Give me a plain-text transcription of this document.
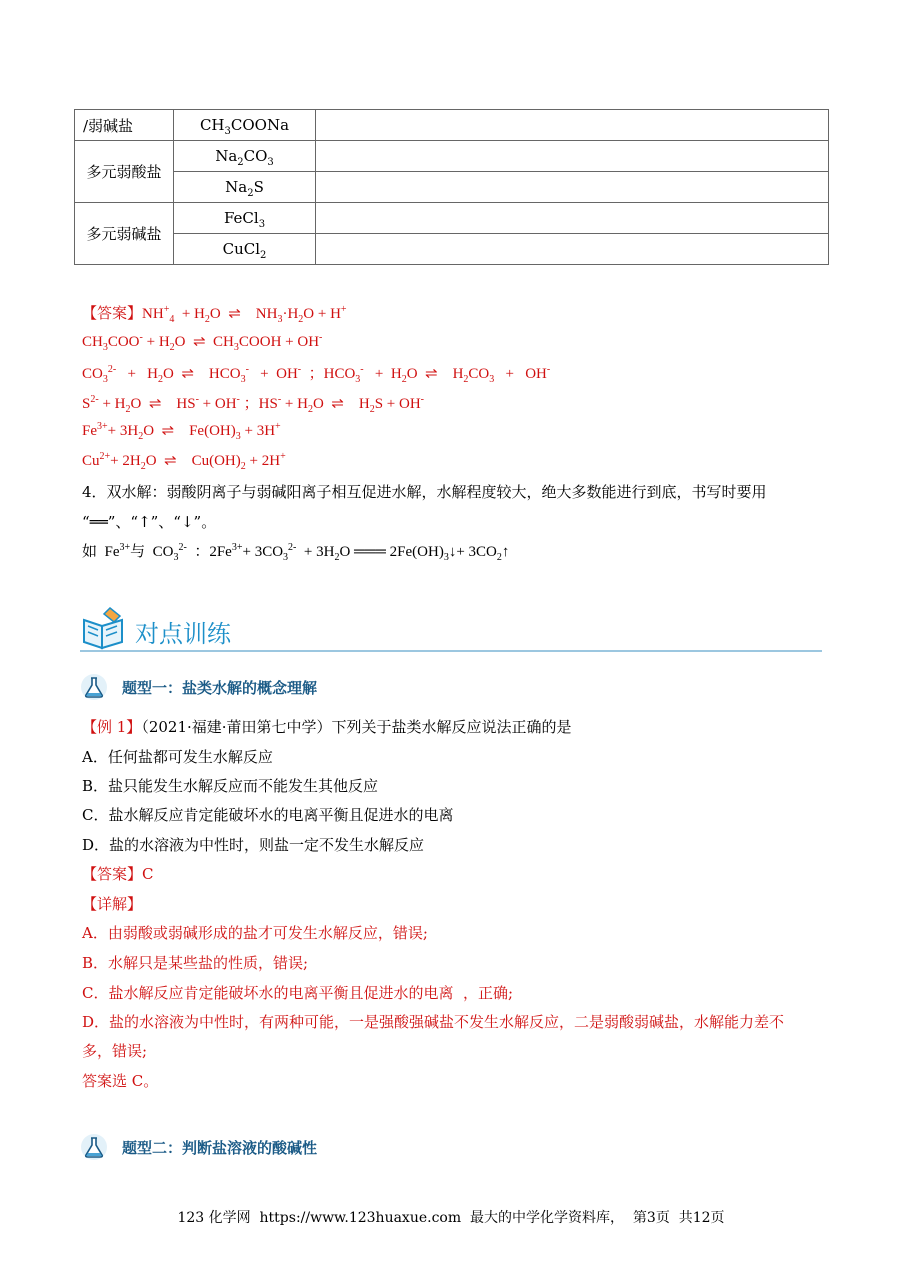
/弱碱盐	$CH_3COONa$	
多元弱酸盐	$Na_2CO_3$	
	$Na_2S$	
多元弱碱盐	FeCl$_3$	
	CuCl$_2$	
【答案】$NH^+_4 + H_2O$  ⇌    $NH_3\cdot H_2O + H^+$
$CH_3COO^- + H_2O$  ⇌  $CH_3COOH + OH^-$
$CO_3^{2-} + H_2O$  ⇌    $HCO_3^- + OH^-$  ；$HCO_3^- + H_2O$  ⇌    $H_2CO_3 + OH^-$
$S^{2-} + H_2O$  ⇌    HS- + OH- ；$HS^- + H_2O$  ⇌    $H_2S + OH^-$
$Fe^{3+}+ 3H_2O$  ⇌    $Fe(OH)_3 + 3H^+$
$Cu^{2+}+ 2H_2O$  ⇌    $Cu(OH)_2 + 2H^+$
4．双水解：弱酸阴离子与弱碱阳离子相互促进水解，水解程度较大，绝大多数能进行到底，书写时要用
“══”、“↑”、“↓”。
如  $Fe^{3+}$与  $CO_3^{2-}$  ：$2Fe^{3+}+ 3CO_3^{2-} + 3H_2O$ ═══ $2Fe(OH)_3↓+$ $3CO_2↑$
对点训练
题型一：盐类水解的概念理解
【例 1】（2021·福建·莆田第七中学）下列关于盐类水解反应说法正确的是
A．任何盐都可发生水解反应
B．盐只能发生水解反应而不能发生其他反应
C．盐水解反应肯定能破坏水的电离平衡且促进水的电离
D．盐的水溶液为中性时，则盐一定不发生水解反应
【答案】C
【详解】
A．由弱酸或弱碱形成的盐才可发生水解反应，错误;
B．水解只是某些盐的性质，错误;
C．盐水解反应肯定能破坏水的电离平衡且促进水的电离  ，正确;
D．盐的水溶液为中性时，有两种可能，一是强酸强碱盐不发生水解反应，二是弱酸弱碱盐，水解能力差不
多，错误;
答案选 C。
题型二：判断盐溶液的酸碱性
123 化学网  https://www.123huaxue.com  最大的中学化学资料库，  第3页  共12页
